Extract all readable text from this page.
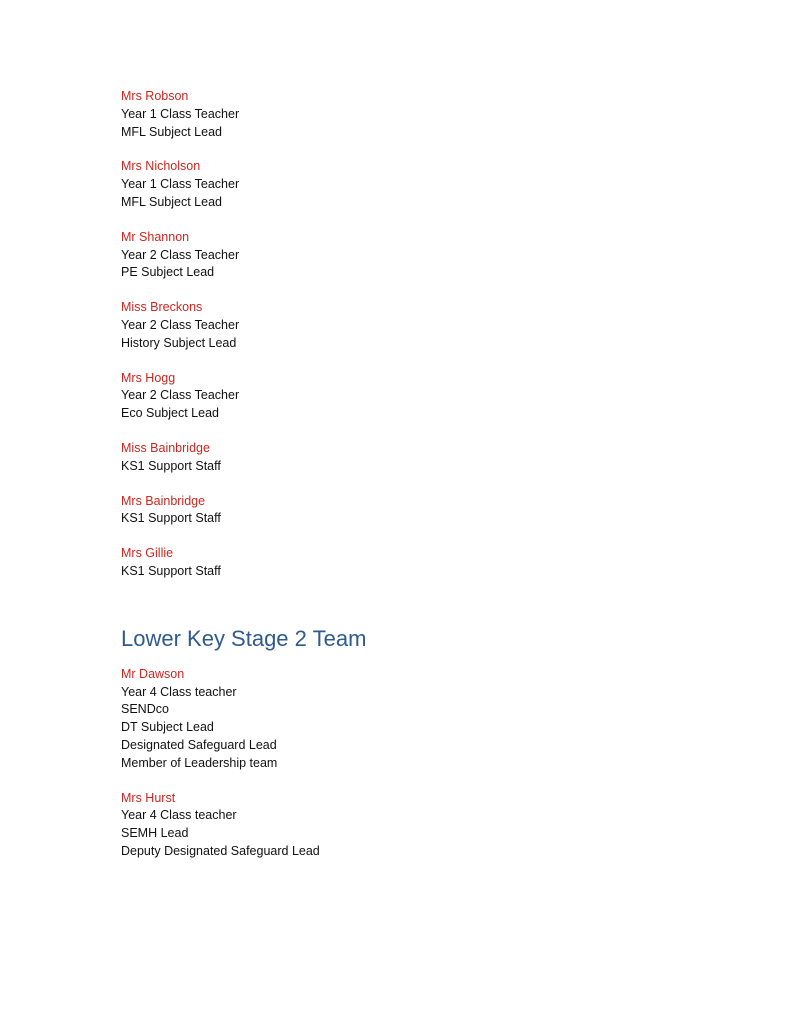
Mrs Robson
Year 1 Class Teacher
MFL Subject Lead
Mrs Nicholson
Year 1 Class Teacher
MFL Subject Lead
Mr Shannon
Year 2 Class Teacher
PE Subject Lead
Miss Breckons
Year 2 Class Teacher
History Subject Lead
Mrs Hogg
Year 2 Class Teacher
Eco Subject Lead
Miss Bainbridge
KS1 Support Staff
Mrs Bainbridge
KS1 Support Staff
Mrs Gillie
KS1 Support Staff
Lower Key Stage 2 Team
Mr Dawson
Year 4 Class teacher
SENDco
DT Subject Lead
Designated Safeguard Lead
Member of Leadership team
Mrs Hurst
Year 4 Class teacher
SEMH Lead
Deputy Designated Safeguard Lead
